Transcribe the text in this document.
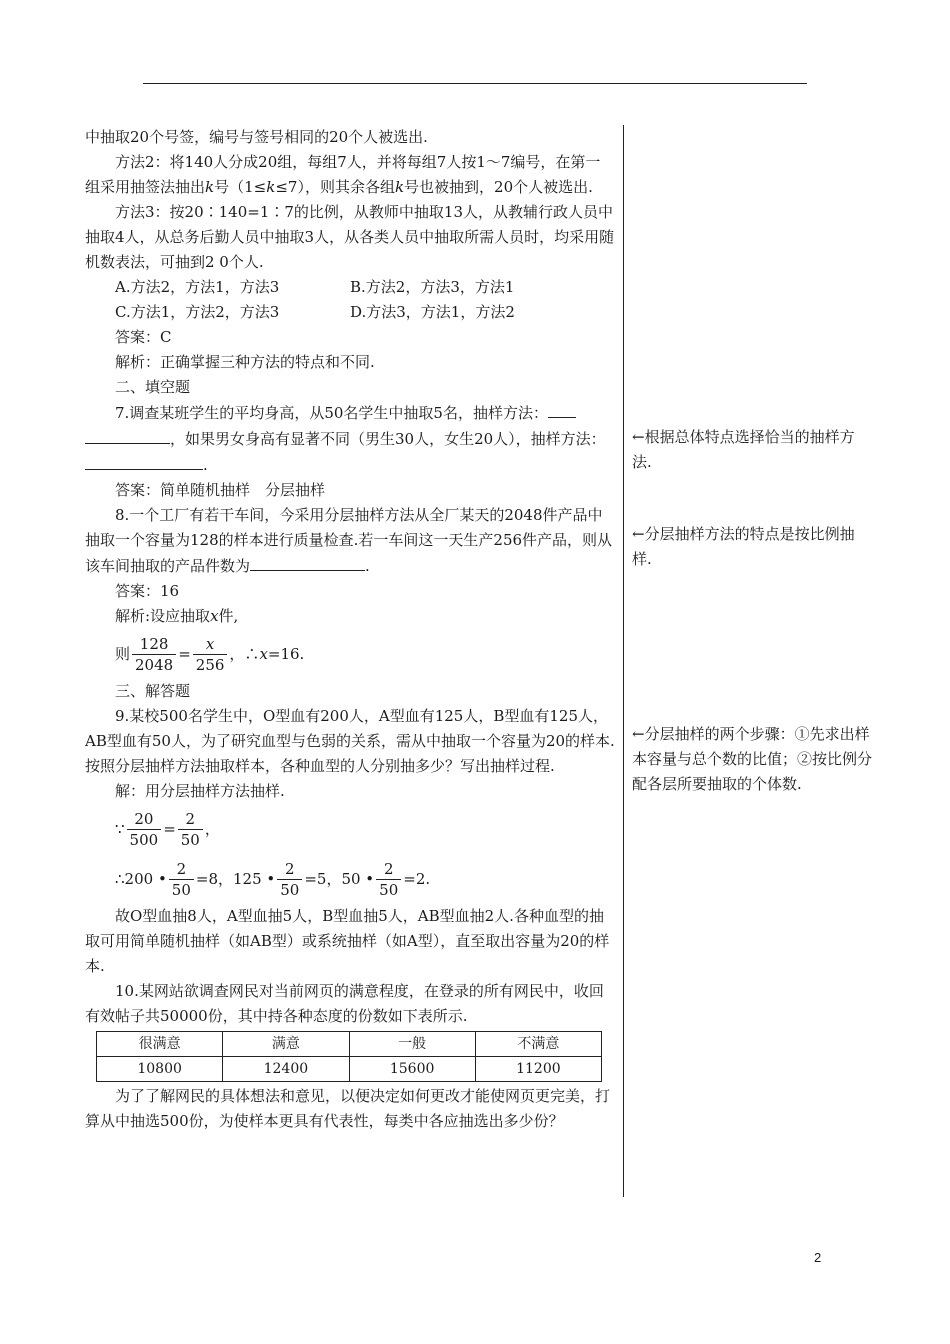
中抽取20个号签，编号与签号相同的20个人被选出.

方法2：将140人分成20组，每组7人，并将每组7人按1～7编号，在第一组采用抽签法抽出k号（1≤k≤7），则其余各组k号也被抽到，20个人被选出.

方法3：按20∶140=1∶7的比例，从教师中抽取13人，从教辅行政人员中抽取4人，从总务后勤人员中抽取3人，从各类人员中抽取所需人员时，均采用随机数表法，可抽到2 0个人.

A.方法2，方法1，方法3	B.方法2，方法3，方法1
C.方法1，方法2，方法3	D.方法3，方法1，方法2

答案：C

解析：正确掌握三种方法的特点和不同.

二、填空题

7.调查某班学生的平均身高，从50名学生中抽取5名，抽样方法：，如果男女身高有显著不同（男生30人，女生20人），抽样方法：.

答案：简单随机抽样　分层抽样

8.一个工厂有若干车间，今采用分层抽样方法从全厂某天的2048件产品中抽取一个容量为128的样本进行质量检查.若一车间这一天生产256件产品，则从该车间抽取的产品件数为	.

答案：16

解析:设应抽取x件,

则 $\frac{128}{2048} = \frac{x}{256}$ ，∴ x =16.

三、解答题

9.某校500名学生中，O型血有200人，A型血有125人，B型血有125人，AB型血有50人，为了研究血型与色弱的关系，需从中抽取一个容量为20的样本.按照分层抽样方法抽取样本，各种血型的人分别抽多少？写出抽样过程.

解：用分层抽样方法抽样.

∵ $\frac{20}{500} = \frac{2}{50}$ ，
∴200 • $\frac{2}{50} =8$，125 • $\frac{2}{50} =5$，50 • $\frac{2}{50} =2$.

故O型血抽8人，A型血抽5人，B型血抽5人，AB型血抽2人.各种血型的抽取可用简单随机抽样（如AB型）或系统抽样（如A型），直至取出容量为20的样本.

10.某网站欲调查网民对当前网页的满意程度，在登录的所有网民中，收回有效帖子共50000份，其中持各种态度的份数如下表所示.

很满意	满意	一般	不满意
10800	12400	15600	11200

为了了解网民的具体想法和意见，以便决定如何更改才能使网页更完美，打算从中抽选500份，为使样本更具有代表性，每类中各应抽选出多少份？

←根据总体特点选择恰当的抽样方法.
←分层抽样方法的特点是按比例抽样.
←分层抽样的两个步骤：①先求出样本容量与总个数的比值；②按比例分配各层所要抽取的个体数.
2
